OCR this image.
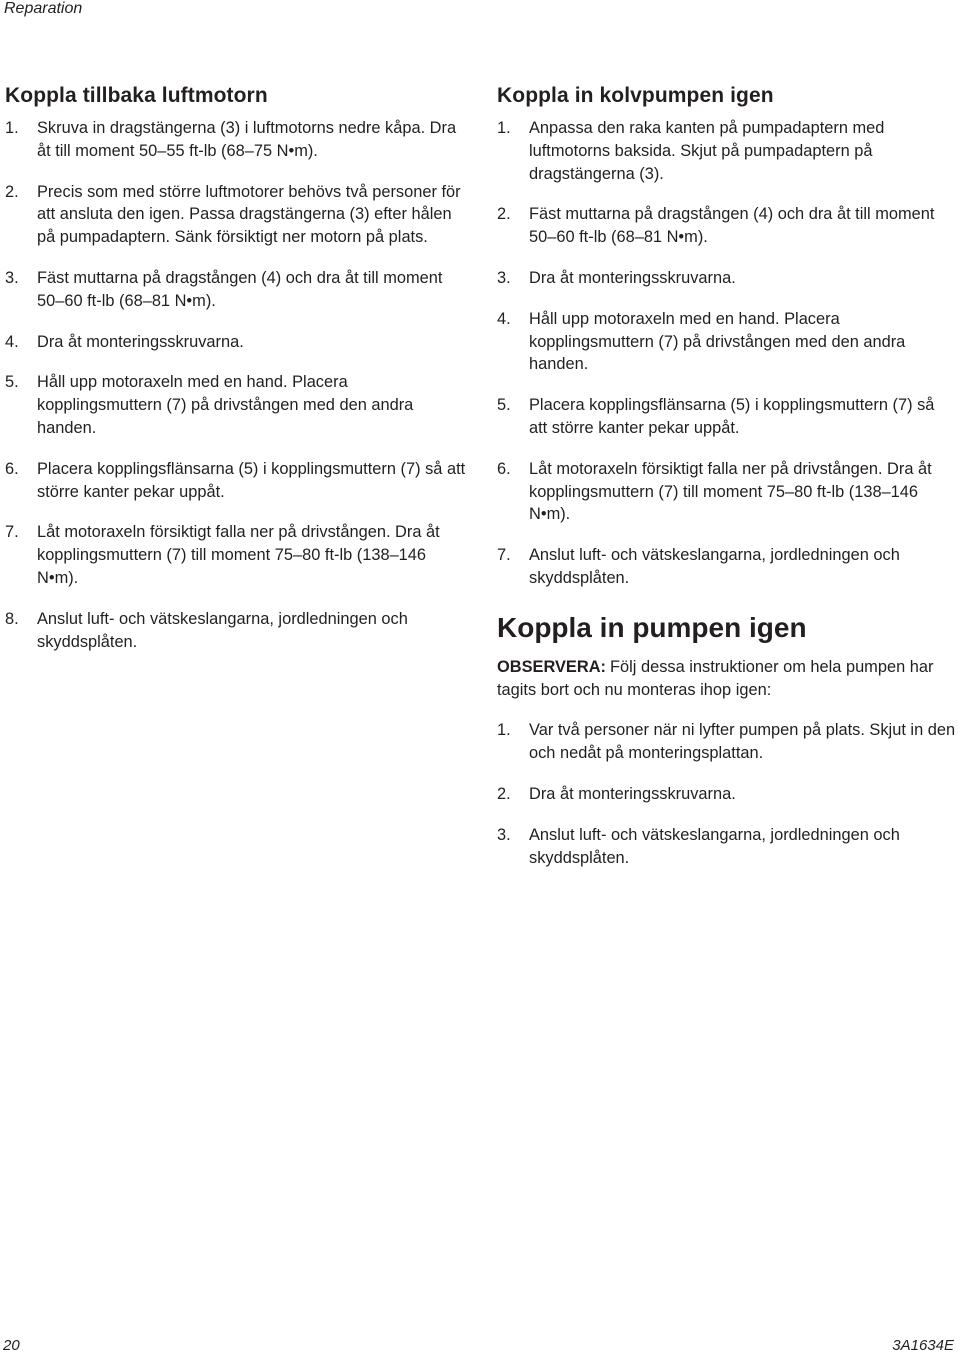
Reparation
Koppla tillbaka luftmotorn
1. Skruva in dragstängerna (3) i luftmotorns nedre kåpa. Dra åt till moment 50–55 ft-lb (68–75 N•m).
2. Precis som med större luftmotorer behövs två personer för att ansluta den igen. Passa dragstängerna (3) efter hålen på pumpadaptern. Sänk försiktigt ner motorn på plats.
3. Fäst muttarna på dragstången (4) och dra åt till moment 50–60 ft-lb (68–81 N•m).
4. Dra åt monteringsskruvarna.
5. Håll upp motoraxeln med en hand. Placera kopplingsmuttern (7) på drivstången med den andra handen.
6. Placera kopplingsflänsarna (5) i kopplingsmuttern (7) så att större kanter pekar uppåt.
7. Låt motoraxeln försiktigt falla ner på drivstången. Dra åt kopplingsmuttern (7) till moment 75–80 ft-lb (138–146 N•m).
8. Anslut luft- och vätskeslangarna, jordledningen och skyddsplåten.
Koppla in kolvpumpen igen
1. Anpassa den raka kanten på pumpadaptern med luftmotorns baksida. Skjut på pumpadaptern på dragstängerna (3).
2. Fäst muttarna på dragstången (4) och dra åt till moment 50–60 ft-lb (68–81 N•m).
3. Dra åt monteringsskruvarna.
4. Håll upp motoraxeln med en hand. Placera kopplingsmuttern (7) på drivstången med den andra handen.
5. Placera kopplingsflänsarna (5) i kopplingsmuttern (7) så att större kanter pekar uppåt.
6. Låt motoraxeln försiktigt falla ner på drivstången. Dra åt kopplingsmuttern (7) till moment 75–80 ft-lb (138–146 N•m).
7. Anslut luft- och vätskeslangarna, jordledningen och skyddsplåten.
Koppla in pumpen igen

OBSERVERA: Följ dessa instruktioner om hela pumpen har tagits bort och nu monteras ihop igen:

1. Var två personer när ni lyfter pumpen på plats. Skjut in den och nedåt på monteringsplattan.
2. Dra åt monteringsskruvarna.
3. Anslut luft- och vätskeslangarna, jordledningen och skyddsplåten.
20	3A1634E
